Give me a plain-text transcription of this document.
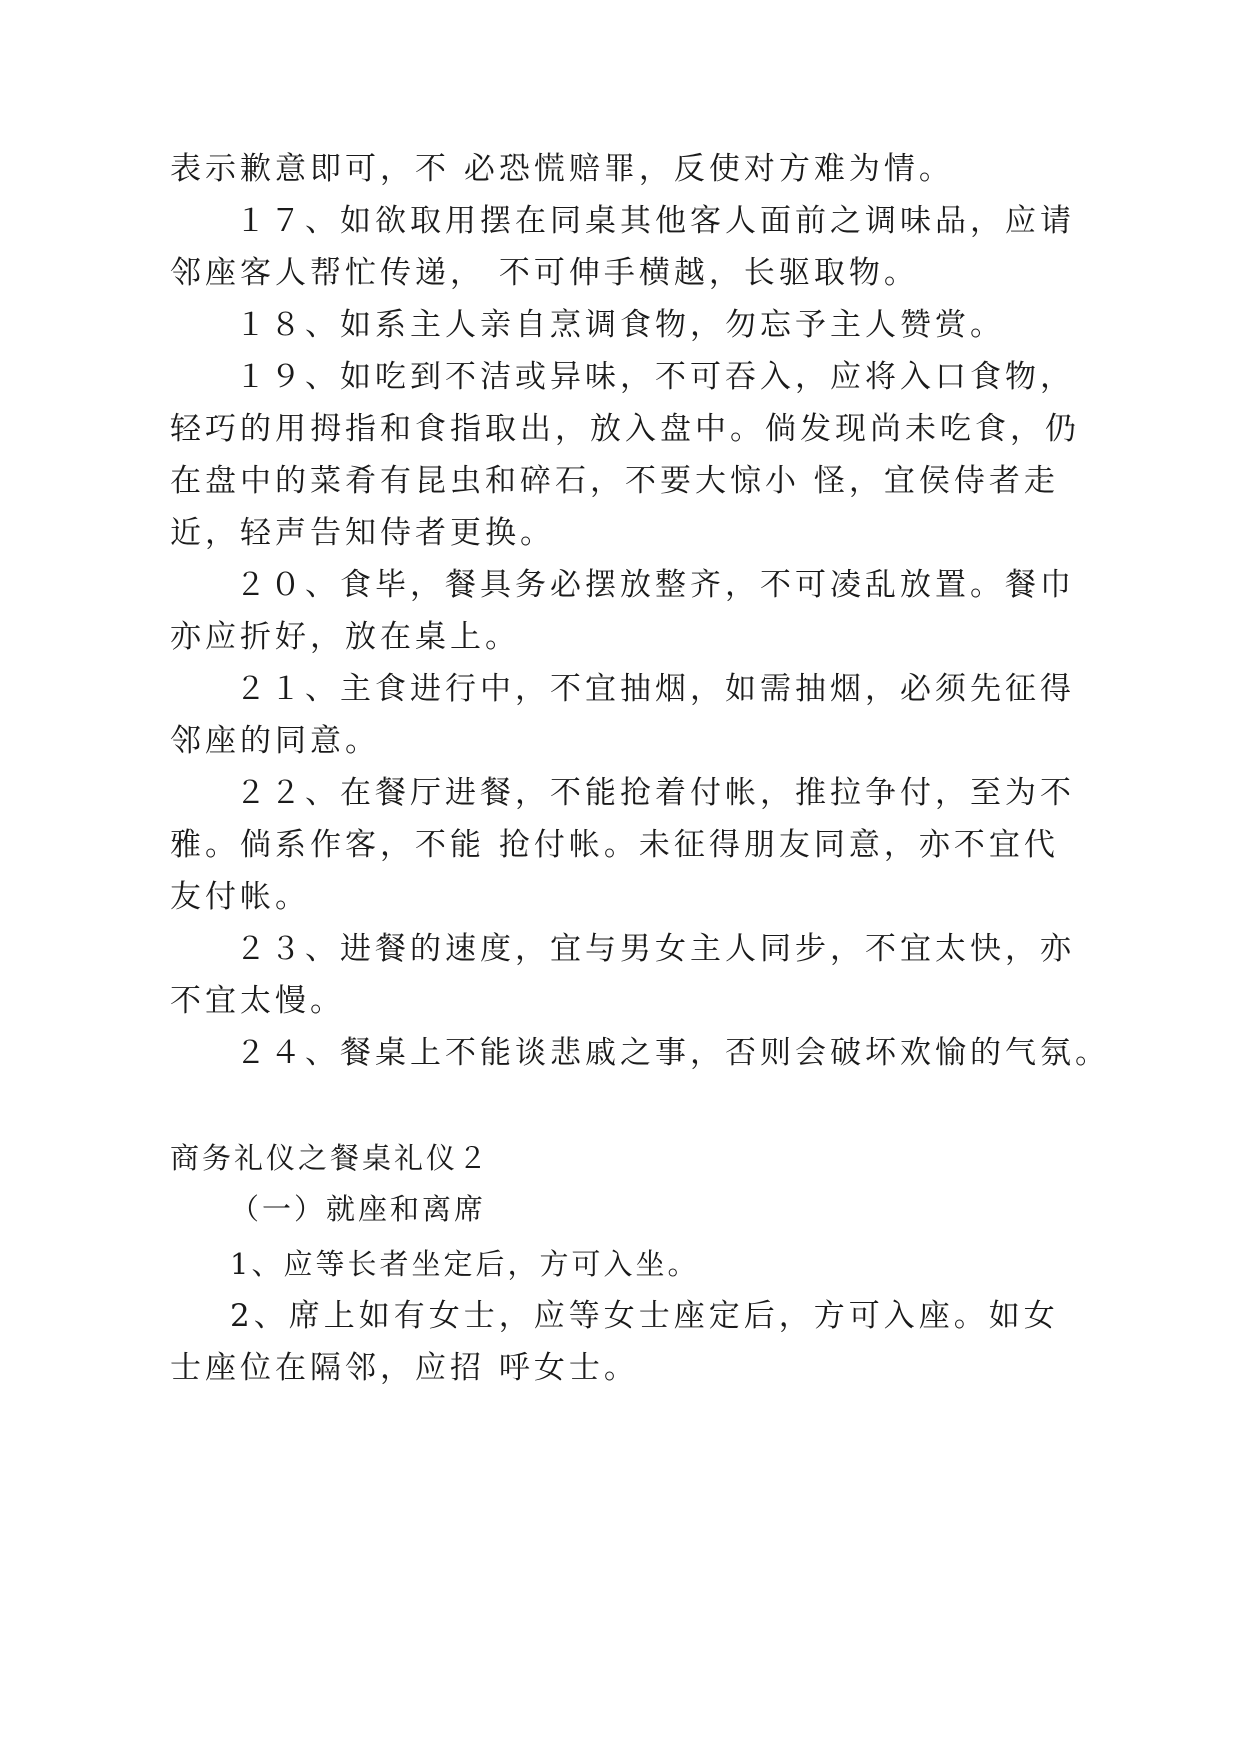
表示歉意即可，不 必恐慌赔罪，反使对方难为情。
１７、如欲取用摆在同桌其他客人面前之调味品，应请
邻座客人帮忙传递， 不可伸手横越，长驱取物。
１８、如系主人亲自烹调食物，勿忘予主人赞赏。
１９、如吃到不洁或异味，不可吞入，应将入口食物，
轻巧的用拇指和食指取出，放入盘中。倘发现尚未吃食，仍
在盘中的菜肴有昆虫和碎石，不要大惊小 怪，宜侯侍者走
近，轻声告知侍者更换。
２０、食毕，餐具务必摆放整齐，不可凌乱放置。餐巾
亦应折好，放在桌上。
２１、主食进行中，不宜抽烟，如需抽烟，必须先征得
邻座的同意。
２２、在餐厅进餐，不能抢着付帐，推拉争付，至为不
雅。倘系作客，不能 抢付帐。未征得朋友同意，亦不宜代
友付帐。
２３、进餐的速度，宜与男女主人同步，不宜太快，亦
不宜太慢。
２４、餐桌上不能谈悲戚之事，否则会破坏欢愉的气氛。
商务礼仪之餐桌礼仪２
（一）就座和离席
1、应等长者坐定后，方可入坐。
2、席上如有女士，应等女士座定后，方可入座。如女
士座位在隔邻，应招 呼女士。
